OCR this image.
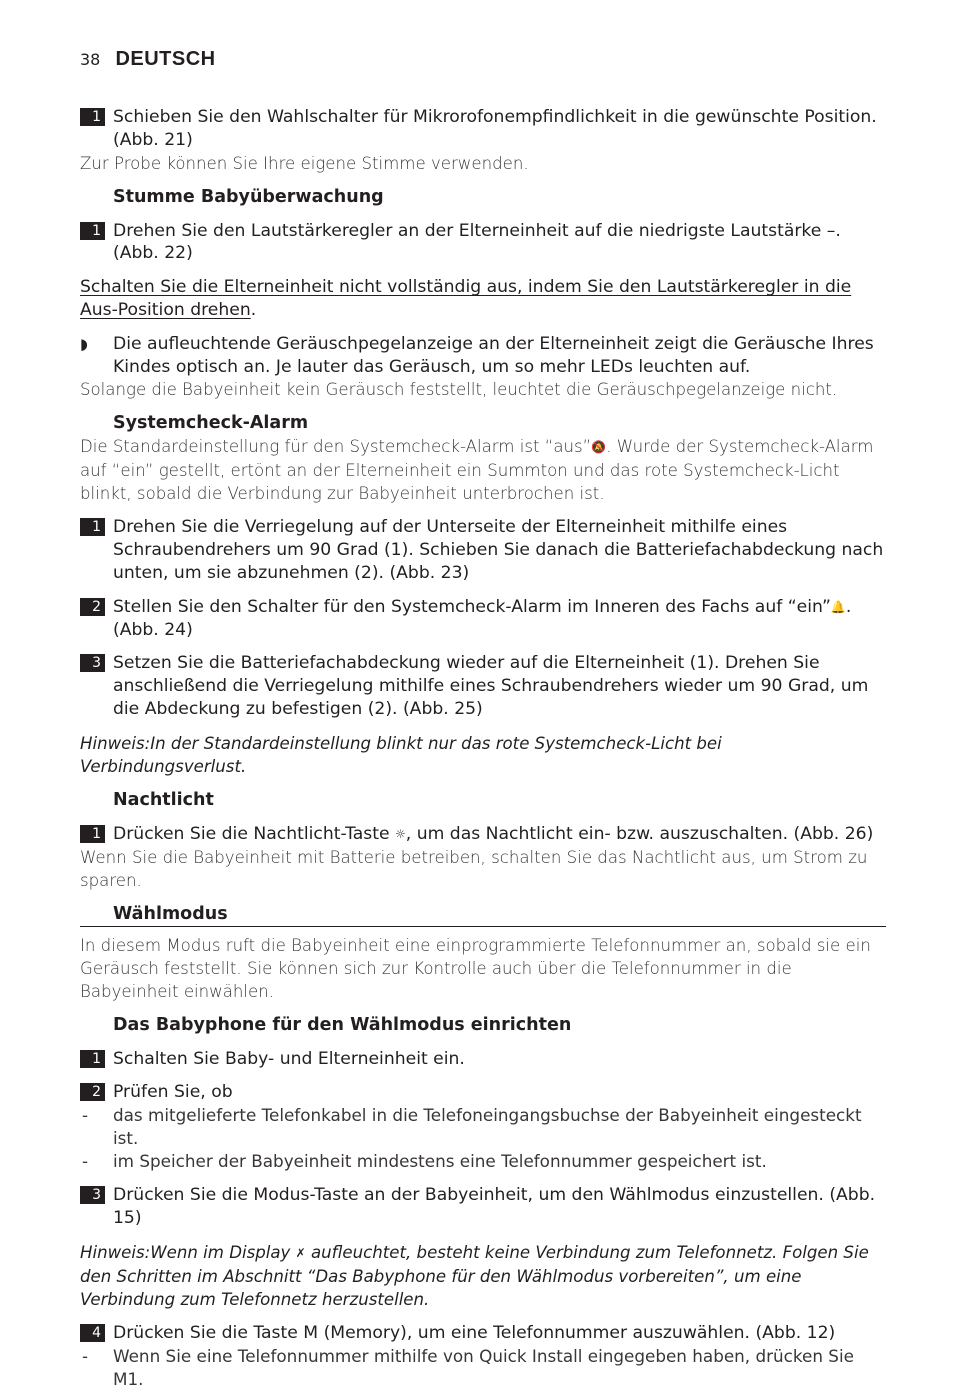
38 DEUTSCH
1 Schieben Sie den Wahlschalter für Mikrorofonempfindlichkeit in die gewünschte Position. (Abb. 21)
Zur Probe können Sie Ihre eigene Stimme verwenden.
Stumme Babyüberwachung
1 Drehen Sie den Lautstärkeregler an der Elterneinheit auf die niedrigste Lautstärke –. (Abb. 22)
Schalten Sie die Elterneinheit nicht vollständig aus, indem Sie den Lautstärkeregler in die Aus-Position drehen.
◗ Die aufleuchtende Geräuschpegelanzeige an der Elterneinheit zeigt die Geräusche Ihres Kindes optisch an. Je lauter das Geräusch, um so mehr LEDs leuchten auf.
Solange die Babyeinheit kein Geräusch feststellt, leuchtet die Geräuschpegelanzeige nicht.
Systemcheck-Alarm
Die Standardeinstellung für den Systemcheck-Alarm ist “aus”🔕. Wurde der Systemcheck-Alarm auf “ein” gestellt, ertönt an der Elterneinheit ein Summton und das rote Systemcheck-Licht blinkt, sobald die Verbindung zur Babyeinheit unterbrochen ist.
1 Drehen Sie die Verriegelung auf der Unterseite der Elterneinheit mithilfe eines Schraubendrehers um 90 Grad (1). Schieben Sie danach die Batteriefachabdeckung nach unten, um sie abzunehmen (2). (Abb. 23)
2 Stellen Sie den Schalter für den Systemcheck-Alarm im Inneren des Fachs auf “ein”🔔. (Abb. 24)
3 Setzen Sie die Batteriefachabdeckung wieder auf die Elterneinheit (1). Drehen Sie anschließend die Verriegelung mithilfe eines Schraubendrehers wieder um 90 Grad, um die Abdeckung zu befestigen (2). (Abb. 25)
Hinweis:In der Standardeinstellung blinkt nur das rote Systemcheck-Licht bei Verbindungsverlust.
Nachtlicht
1 Drücken Sie die Nachtlicht-Taste ☼, um das Nachtlicht ein- bzw. auszuschalten. (Abb. 26)
Wenn Sie die Babyeinheit mit Batterie betreiben, schalten Sie das Nachtlicht aus, um Strom zu sparen.
Wählmodus
In diesem Modus ruft die Babyeinheit eine einprogrammierte Telefonnummer an, sobald sie ein Geräusch feststellt. Sie können sich zur Kontrolle auch über die Telefonnummer in die Babyeinheit einwählen.
Das Babyphone für den Wählmodus einrichten
1 Schalten Sie Baby- und Elterneinheit ein.
2 Prüfen Sie, ob
- das mitgelieferte Telefonkabel in die Telefoneingangsbuchse der Babyeinheit eingesteckt ist.
- im Speicher der Babyeinheit mindestens eine Telefonnummer gespeichert ist.
3 Drücken Sie die Modus-Taste an der Babyeinheit, um den Wählmodus einzustellen. (Abb. 15)
Hinweis:Wenn im Display ✗ aufleuchtet, besteht keine Verbindung zum Telefonnetz. Folgen Sie den Schritten im Abschnitt “Das Babyphone für den Wählmodus vorbereiten”, um eine Verbindung zum Telefonnetz herzustellen.
4 Drücken Sie die Taste M (Memory), um eine Telefonnummer auszuwählen. (Abb. 12)
- Wenn Sie eine Telefonnummer mithilfe von Quick Install eingegeben haben, drücken Sie M1.
